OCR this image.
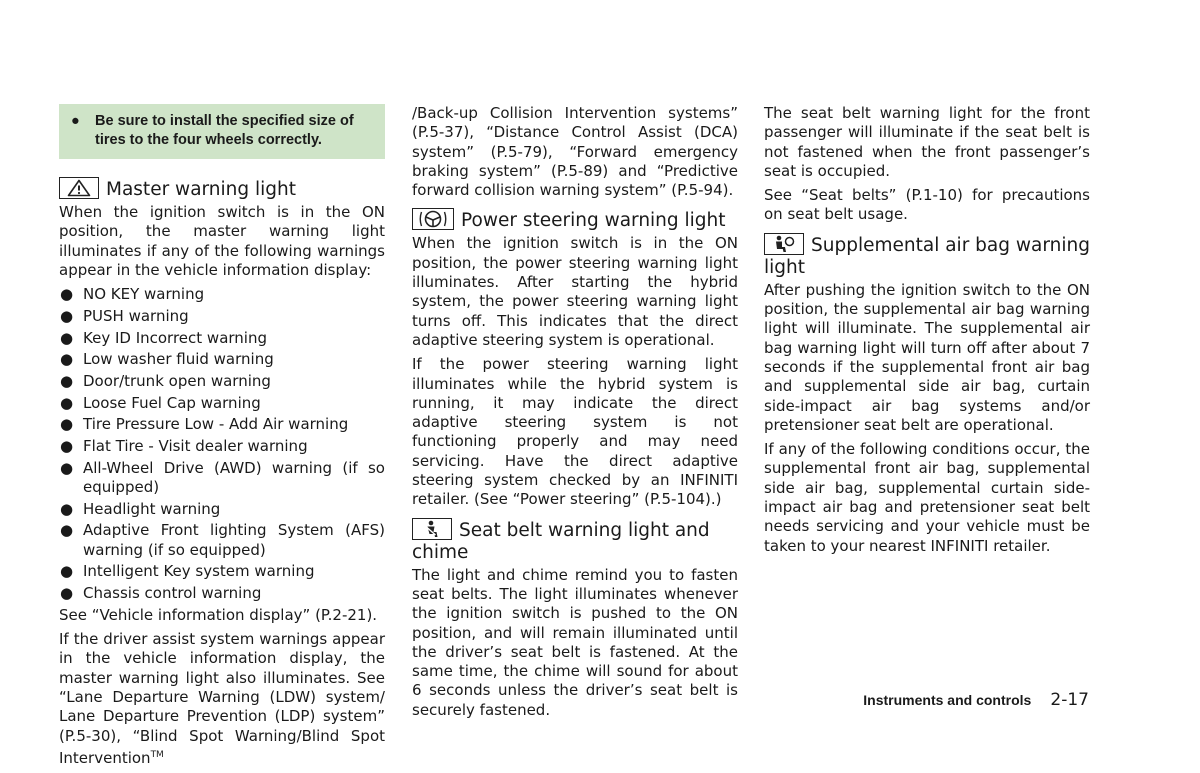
●	Be sure to install the specified size of tires to the four wheels correctly.
Master warning light

When the ignition switch is in the ON position, the master warning light illuminates if any of the following warnings appear in the vehicle information display:

● NO KEY warning
● PUSH warning
● Key ID Incorrect warning
● Low washer fluid warning
● Door/trunk open warning
● Loose Fuel Cap warning
● Tire Pressure Low - Add Air warning
● Flat Tire - Visit dealer warning
● All-Wheel Drive (AWD) warning (if so equipped)
● Headlight warning
● Adaptive Front lighting System (AFS) warning (if so equipped)
● Intelligent Key system warning
● Chassis control warning

See “Vehicle information display” (P.2-21).

If the driver assist system warnings appear in the vehicle information display, the master warning light also illuminates. See “Lane Departure Warning (LDW) system/ Lane Departure Prevention (LDP) system” (P.5-30), “Blind Spot Warning/Blind Spot Intervention™

/Back-up Collision Intervention systems” (P.5-37), “Distance Control Assist (DCA) system” (P.5-79), “Forward emergency braking system” (P.5-89) and “Predictive forward collision warning system” (P.5-94).

Power steering warning light

When the ignition switch is in the ON position, the power steering warning light illuminates. After starting the hybrid system, the power steering warning light turns off. This indicates that the direct adaptive steering system is operational.

If the power steering warning light illuminates while the hybrid system is running, it may indicate the direct adaptive steering system is not functioning properly and may need servicing. Have the direct adaptive steering system checked by an INFINITI retailer. (See “Power steering” (P.5-104).)

Seat belt warning light and chime

The light and chime remind you to fasten seat belts. The light illuminates whenever the ignition switch is pushed to the ON position, and will remain illuminated until the driver’s seat belt is fastened. At the same time, the chime will sound for about 6 seconds unless the driver’s seat belt is securely fastened.

The seat belt warning light for the front passenger will illuminate if the seat belt is not fastened when the front passenger’s seat is occupied.

See “Seat belts” (P.1-10) for precautions on seat belt usage.

Supplemental air bag warning light

After pushing the ignition switch to the ON position, the supplemental air bag warning light will illuminate. The supplemental air bag warning light will turn off after about 7 seconds if the supplemental front air bag and supplemental side air bag, curtain side-impact air bag systems and/or pretensioner seat belt are operational.

If any of the following conditions occur, the supplemental front air bag, supplemental side air bag, supplemental curtain side-impact air bag and pretensioner seat belt needs servicing and your vehicle must be taken to your nearest INFINITI retailer.

Instruments and controls 2-17
